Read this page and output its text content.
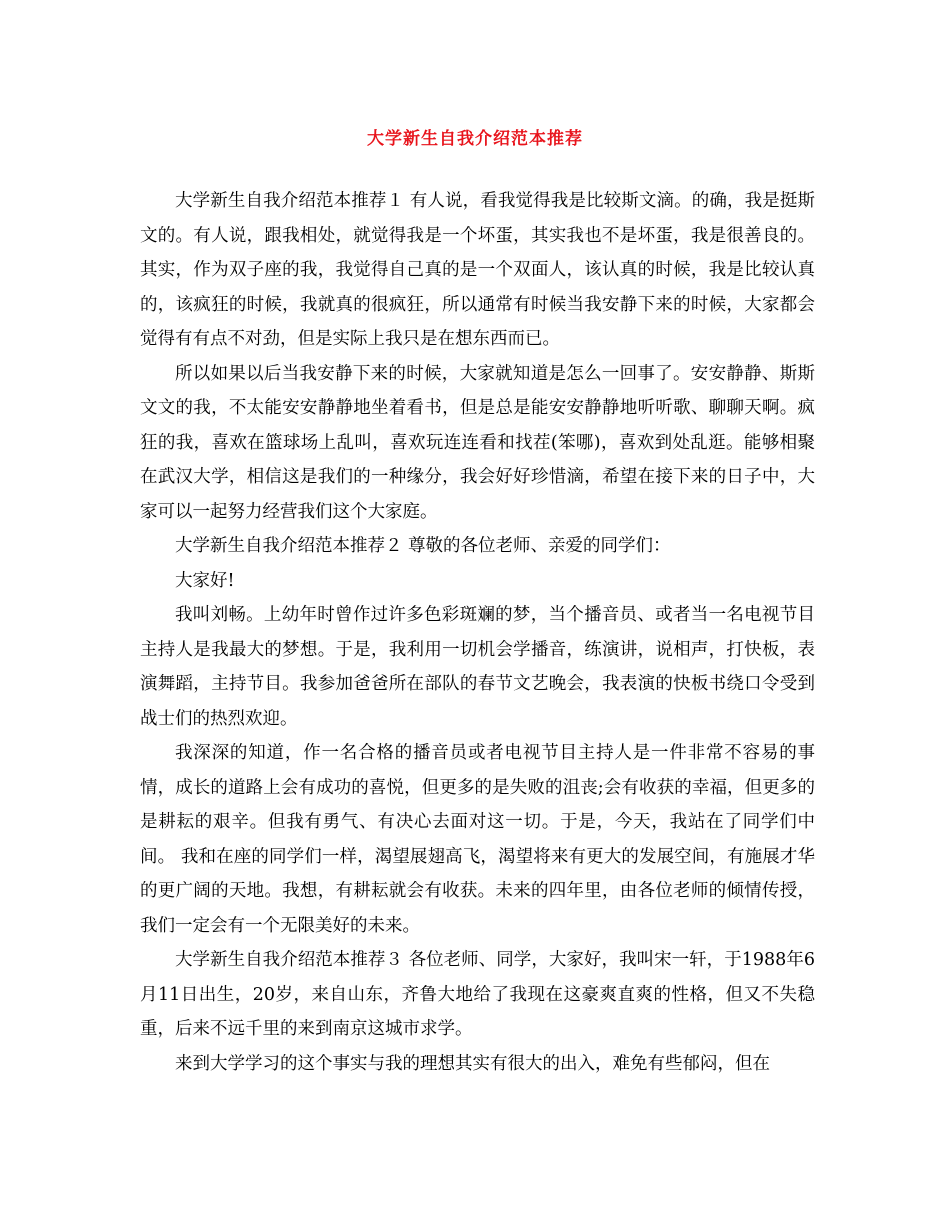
大学新生自我介绍范本推荐

大学新生自我介绍范本推荐１ 有人说，看我觉得我是比较斯文滴。的确，我是挺斯文的。有人说，跟我相处，就觉得我是一个坏蛋，其实我也不是坏蛋，我是很善良的。其实，作为双子座的我，我觉得自己真的是一个双面人，该认真的时候，我是比较认真的，该疯狂的时候，我就真的很疯狂，所以通常有时候当我安静下来的时候，大家都会觉得有有点不对劲，但是实际上我只是在想东西而已。

所以如果以后当我安静下来的时候，大家就知道是怎么一回事了。安安静静、斯斯文文的我，不太能安安静静地坐着看书，但是总是能安安静静地听听歌、聊聊天啊。疯狂的我，喜欢在篮球场上乱叫，喜欢玩连连看和找茬(笨哪)，喜欢到处乱逛。能够相聚在武汉大学，相信这是我们的一种缘分，我会好好珍惜滴，希望在接下来的日子中，大家可以一起努力经营我们这个大家庭。

大学新生自我介绍范本推荐２ 尊敬的各位老师、亲爱的同学们：

大家好!

我叫刘畅。上幼年时曾作过许多色彩斑斓的梦，当个播音员、或者当一名电视节目主持人是我最大的梦想。于是，我利用一切机会学播音，练演讲，说相声，打快板，表演舞蹈，主持节目。我参加爸爸所在部队的春节文艺晚会，我表演的快板书绕口令受到战士们的热烈欢迎。

我深深的知道，作一名合格的播音员或者电视节目主持人是一件非常不容易的事情，成长的道路上会有成功的喜悦，但更多的是失败的沮丧;会有收获的幸福，但更多的是耕耘的艰辛。但我有勇气、有决心去面对这一切。于是，今天，我站在了同学们中间。 我和在座的同学们一样，渴望展翅高飞，渴望将来有更大的发展空间，有施展才华的更广阔的天地。我想，有耕耘就会有收获。未来的四年里，由各位老师的倾情传授，我们一定会有一个无限美好的未来。

大学新生自我介绍范本推荐３ 各位老师、同学，大家好，我叫宋一轩，于1988年6月11日出生，20岁，来自山东，齐鲁大地给了我现在这豪爽直爽的性格，但又不失稳重，后来不远千里的来到南京这城市求学。

来到大学学习的这个事实与我的理想其实有很大的出入，难免有些郁闷，但在
